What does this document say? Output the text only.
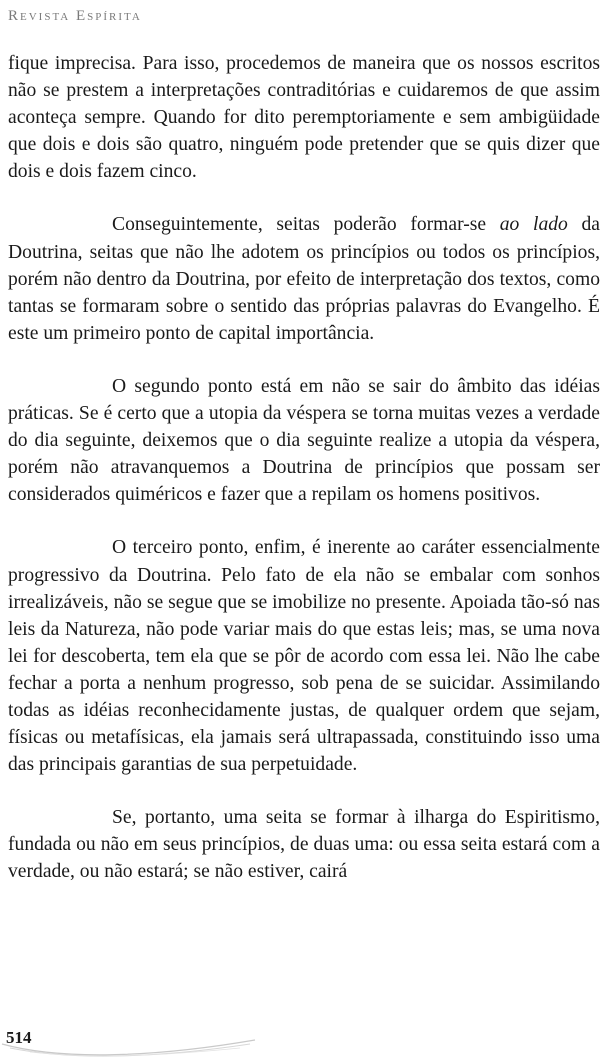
Revista Espírita

fique imprecisa. Para isso, procedemos de maneira que os nossos escritos não se prestem a interpretações contraditórias e cuidaremos de que assim aconteça sempre. Quando for dito peremptoriamente e sem ambigüidade que dois e dois são quatro, ninguém pode pretender que se quis dizer que dois e dois fazem cinco.

Conseguintemente, seitas poderão formar-se ao lado da Doutrina, seitas que não lhe adotem os princípios ou todos os princípios, porém não dentro da Doutrina, por efeito de interpretação dos textos, como tantas se formaram sobre o sentido das próprias palavras do Evangelho. É este um primeiro ponto de capital importância.

O segundo ponto está em não se sair do âmbito das idéias práticas. Se é certo que a utopia da véspera se torna muitas vezes a verdade do dia seguinte, deixemos que o dia seguinte realize a utopia da véspera, porém não atravanquemos a Doutrina de princípios que possam ser considerados quiméricos e fazer que a repilam os homens positivos.

O terceiro ponto, enfim, é inerente ao caráter essencialmente progressivo da Doutrina. Pelo fato de ela não se embalar com sonhos irrealizáveis, não se segue que se imobilize no presente. Apoiada tão-só nas leis da Natureza, não pode variar mais do que estas leis; mas, se uma nova lei for descoberta, tem ela que se pôr de acordo com essa lei. Não lhe cabe fechar a porta a nenhum progresso, sob pena de se suicidar. Assimilando todas as idéias reconhecidamente justas, de qualquer ordem que sejam, físicas ou metafísicas, ela jamais será ultrapassada, constituindo isso uma das principais garantias de sua perpetuidade.

Se, portanto, uma seita se formar à ilharga do Espiritismo, fundada ou não em seus princípios, de duas uma: ou essa seita estará com a verdade, ou não estará; se não estiver, cairá

514
